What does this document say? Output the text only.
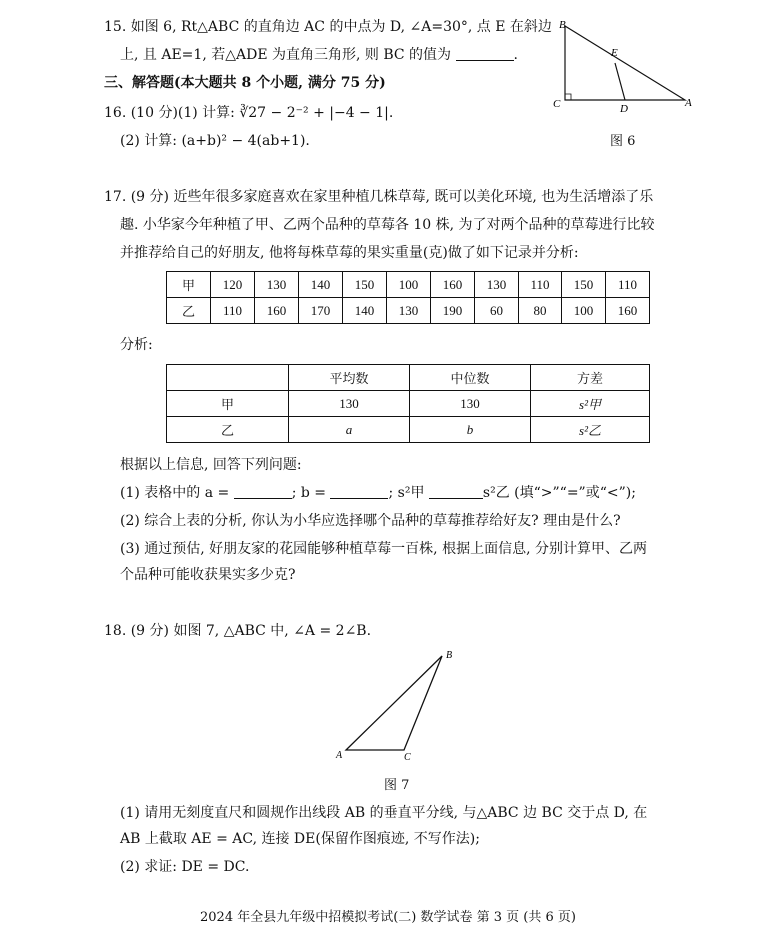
15. 如图 6, Rt△ABC 的直角边 AC 的中点为 D, ∠A=30°, 点 E 在斜边
上, 且 AE=1, 若△ADE 为直角三角形, 则 BC 的值为	.
B
E
C	D	A
图 6
三、解答题(本大题共 8 个小题, 满分 75 分)
16. (10 分)(1) 计算: ∛27 − 2⁻² + |−4 − 1|.
(2) 计算: (a+b)² − 4(ab+1).
17. (9 分) 近些年很多家庭喜欢在家里种植几株草莓, 既可以美化环境, 也为生活增添了乐
趣. 小华家今年种植了甲、乙两个品种的草莓各 10 株, 为了对两个品种的草莓进行比较
并推荐给自己的好朋友, 他将每株草莓的果实重量(克)做了如下记录并分析:
甲	120	130	140	150	100	160	130	110	150	110
乙	110	160	170	140	130	190	60	80	100	160
分析:
	平均数	中位数	方差
甲	130	130	s²甲
乙	a	b	s²乙
根据以上信息, 回答下列问题:
(1) 表格中的 a =	; b =	; s²甲	s²乙 (填“>”“=”或“<”);
(2) 综合上表的分析, 你认为小华应选择哪个品种的草莓推荐给好友? 理由是什么?
(3) 通过预估, 好朋友家的花园能够种植草莓一百株, 根据上面信息, 分别计算甲、乙两
个品种可能收获果实多少克?
18. (9 分) 如图 7, △ABC 中, ∠A = 2∠B.
B
A	C
图 7
(1) 请用无刻度直尺和圆规作出线段 AB 的垂直平分线, 与△ABC 边 BC 交于点 D, 在
AB 上截取 AE = AC, 连接 DE(保留作图痕迹, 不写作法);
(2) 求证: DE = DC.
2024 年全县九年级中招模拟考试(二) 数学试卷 第 3 页 (共 6 页)
